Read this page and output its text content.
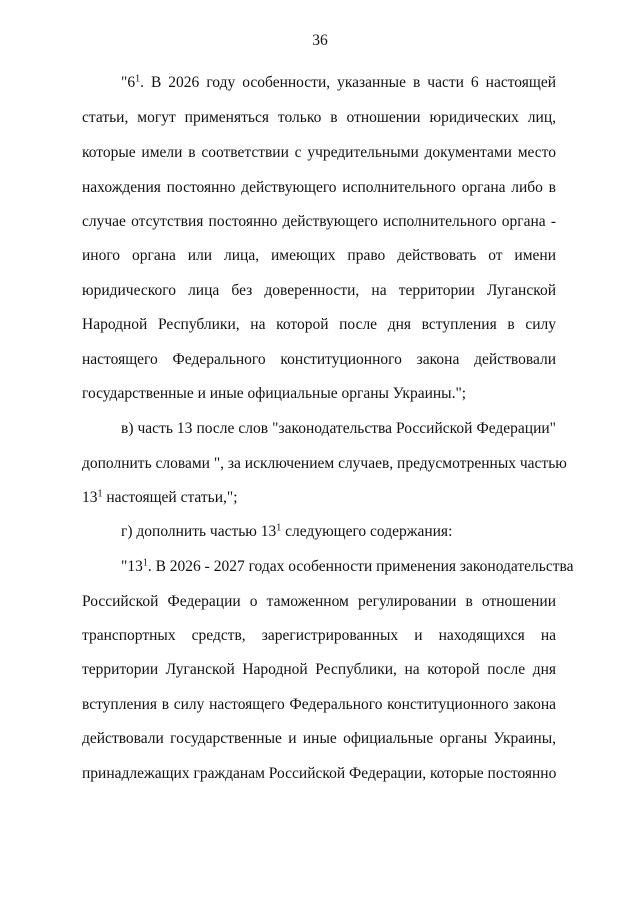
36
"$6^1$. В 2026 году особенности, указанные в части 6 настоящей
статьи, могут применяться только в отношении юридических лиц,
которые имели в соответствии с учредительными документами место
нахождения постоянно действующего исполнительного органа либо в
случае отсутствия постоянно действующего исполнительного органа -
иного органа или лица, имеющих право действовать от имени
юридического лица без доверенности, на территории Луганской
Народной Республики, на которой после дня вступления в силу
настоящего Федерального конституционного закона действовали
государственные и иные официальные органы Украины.";
в) часть 13 после слов "законодательства Российской Федерации"
дополнить словами ", за исключением случаев, предусмотренных частью
$13^1$ настоящей статьи,";
г) дополнить частью $13^1$ следующего содержания:
"$13^1$. В 2026 - 2027 годах особенности применения законодательства
Российской Федерации о таможенном регулировании в отношении
транспортных средств, зарегистрированных и находящихся на
территории Луганской Народной Республики, на которой после дня
вступления в силу настоящего Федерального конституционного закона
действовали государственные и иные официальные органы Украины,
принадлежащих гражданам Российской Федерации, которые постоянно
